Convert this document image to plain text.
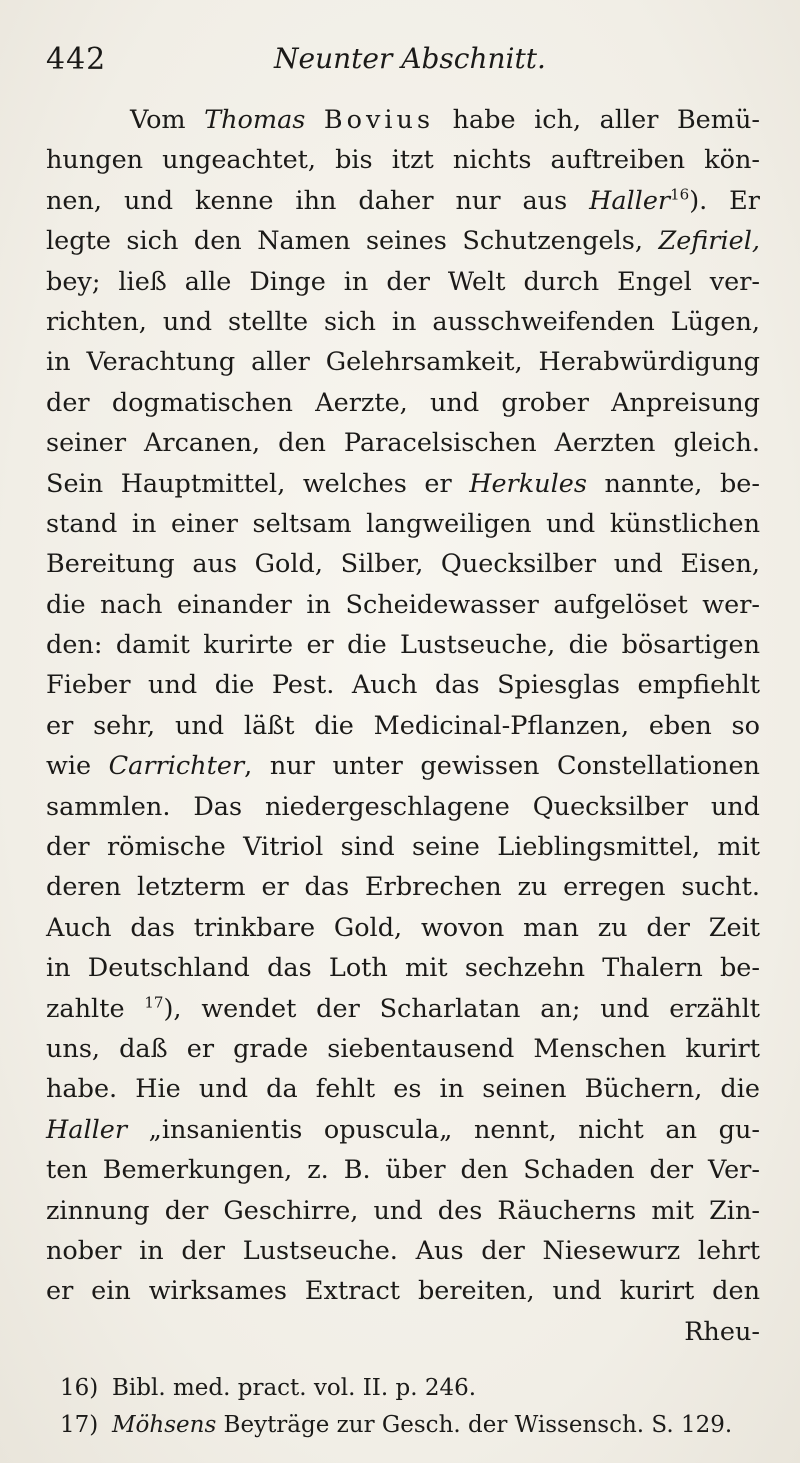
442	Neunter Abschnitt.
Vom Thomas Bovius habe ich, aller Bemü-
hungen ungeachtet, bis itzt nichts auftreiben kön-
nen, und kenne ihn daher nur aus Haller$^{16}$). Er
legte sich den Namen seines Schutzengels, Zefiriel,
bey; ließ alle Dinge in der Welt durch Engel ver-
richten, und stellte sich in ausschweifenden Lügen,
in Verachtung aller Gelehrsamkeit, Herabwürdigung
der dogmatischen Aerzte, und grober Anpreisung
seiner Arcanen, den Paracelsischen Aerzten gleich.
Sein Hauptmittel, welches er Herkules nannte, be-
stand in einer seltsam langweiligen und künstlichen
Bereitung aus Gold, Silber, Quecksilber und Eisen,
die nach einander in Scheidewasser aufgelöset wer-
den: damit kurirte er die Lustseuche, die bösartigen
Fieber und die Pest. Auch das Spiesglas empfiehlt
er sehr, und läßt die Medicinal-Pflanzen, eben so
wie Carrichter, nur unter gewissen Constellationen
sammlen. Das niedergeschlagene Quecksilber und
der römische Vitriol sind seine Lieblingsmittel, mit
deren letzterm er das Erbrechen zu erregen sucht.
Auch das trinkbare Gold, wovon man zu der Zeit
in Deutschland das Loth mit sechzehn Thalern be-
zahlte $^{17}$), wendet der Scharlatan an; und erzählt
uns, daß er grade siebentausend Menschen kurirt
habe. Hie und da fehlt es in seinen Büchern, die
Haller „insanientis opuscula„ nennt, nicht an gu-
ten Bemerkungen, z. B. über den Schaden der Ver-
zinnung der Geschirre, und des Räucherns mit Zin-
nober in der Lustseuche. Aus der Niesewurz lehrt
er ein wirksames Extract bereiten, und kurirt den
Rheu-
16) Bibl. med. pract. vol. II. p. 246.
17) Möhsens Beyträge zur Gesch. der Wissensch. S. 129.
